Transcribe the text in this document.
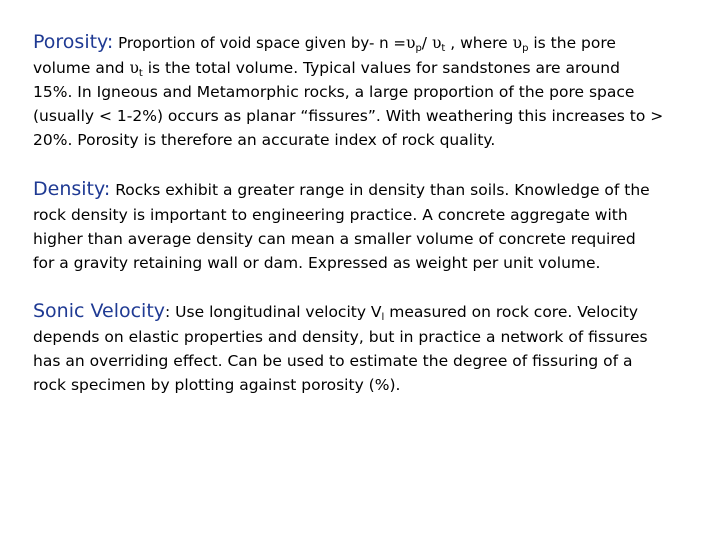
Porosity: Proportion of void space given by- $n =\upsilon_p/$ $\upsilon_t$ , where $\upsilon_p$ is the pore
volume and $\upsilon_t$ is the total volume. Typical values for sandstones are around
15%. In Igneous and Metamorphic rocks, a large proportion of the pore space
(usually < 1-2%) occurs as planar “fissures”. With weathering this increases to >
20%. Porosity is therefore an accurate index of rock quality.
Density: Rocks exhibit a greater range in density than soils. Knowledge of the
rock density is important to engineering practice. A concrete aggregate with
higher than average density can mean a smaller volume of concrete required
for a gravity retaining wall or dam. Expressed as weight per unit volume.
Sonic Velocity: Use longitudinal velocity $V_l$ measured on rock core. Velocity
depends on elastic properties and density, but in practice a network of fissures
has an overriding effect. Can be used to estimate the degree of fissuring of a
rock specimen by plotting against porosity (%).
